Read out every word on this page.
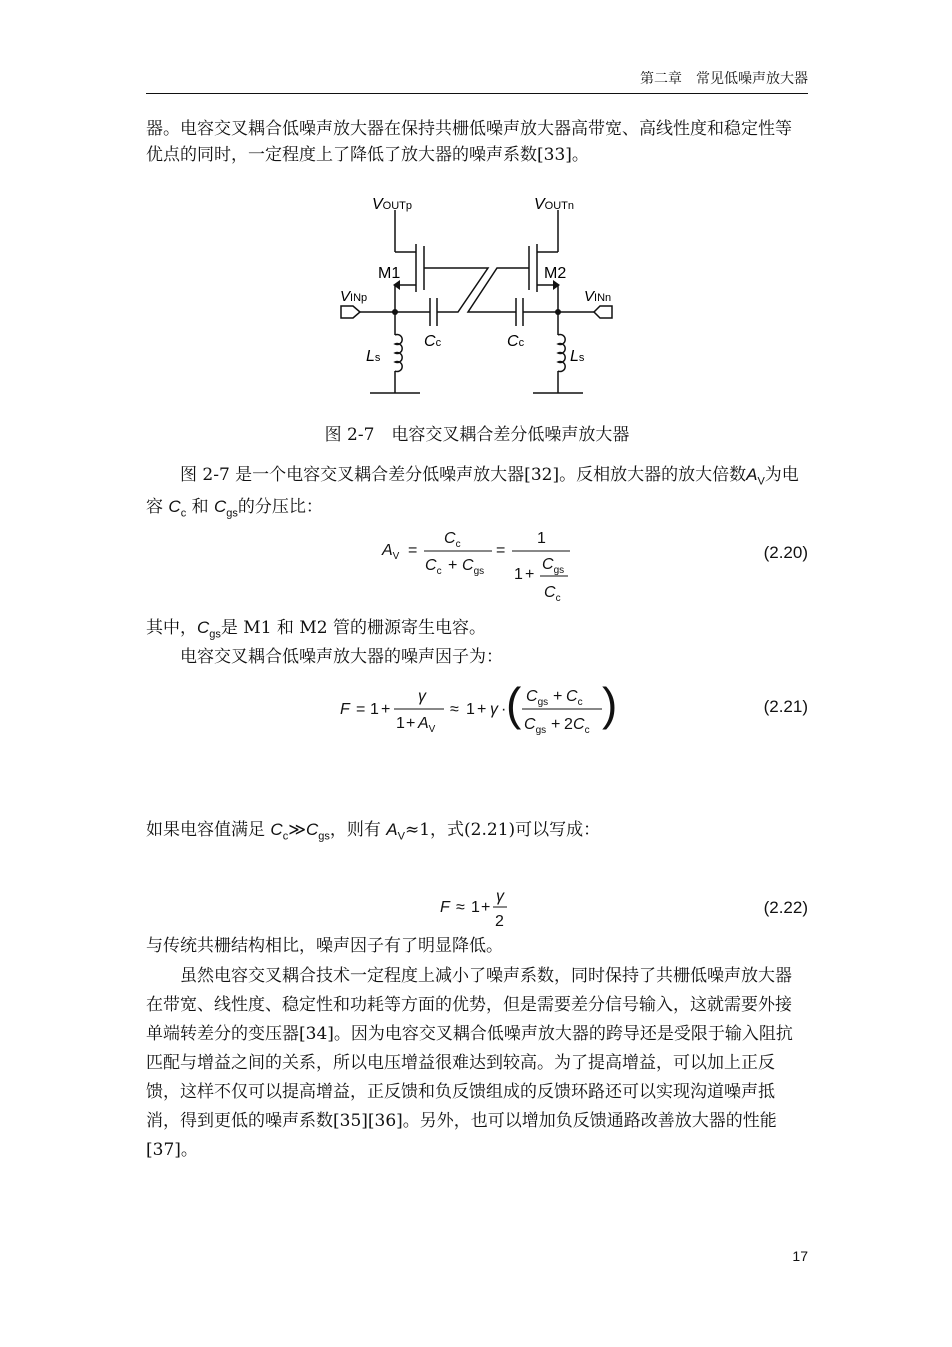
第二章　常见低噪声放大器
器。电容交叉耦合低噪声放大器在保持共栅低噪声放大器高带宽、高线性度和稳定性等优点的同时，一定程度上了降低了放大器的噪声系数[33]。
VOUTp	VOUTn
M1	M2
VINp	VINn
Cc	Cc
Ls	Ls
图 2-7　电容交叉耦合差分低噪声放大器
图 2-7 是一个电容交叉耦合差分低噪声放大器[32]。反相放大器的放大倍数$A_V$为电容 $C_c$ 和 $C_{gs}$的分压比：
$A_V$ =
$C_c$
$C_c + C_{gs}$
=
1
1 +
$C_{gs}$
$C_c$
(2.20)
其中，$C_{gs}$是 M1 和 M2 管的栅源寄生电容。
电容交叉耦合低噪声放大器的噪声因子为：
F = 1 +
γ
$1 + A_V$
≈ 1 + γ · ( $C_{gs} + C_c$
$C_{gs} + 2$ $C_c$
)	(2.21)
如果电容值满足 $C_c≫C_{gs}$，则有 $A_V\approx 1$，式(2.21)可以写成：
F ≈ 1 +
γ
2
(2.22)
与传统共栅结构相比，噪声因子有了明显降低。
虽然电容交叉耦合技术一定程度上减小了噪声系数，同时保持了共栅低噪声放大器在带宽、线性度、稳定性和功耗等方面的优势，但是需要差分信号输入，这就需要外接单端转差分的变压器[34]。因为电容交叉耦合低噪声放大器的跨导还是受限于输入阻抗匹配与增益之间的关系，所以电压增益很难达到较高。为了提高增益，可以加上正反馈，这样不仅可以提高增益，正反馈和负反馈组成的反馈环路还可以实现沟道噪声抵消，得到更低的噪声系数[35][36]。另外，也可以增加负反馈通路改善放大器的性能[37]。
17
